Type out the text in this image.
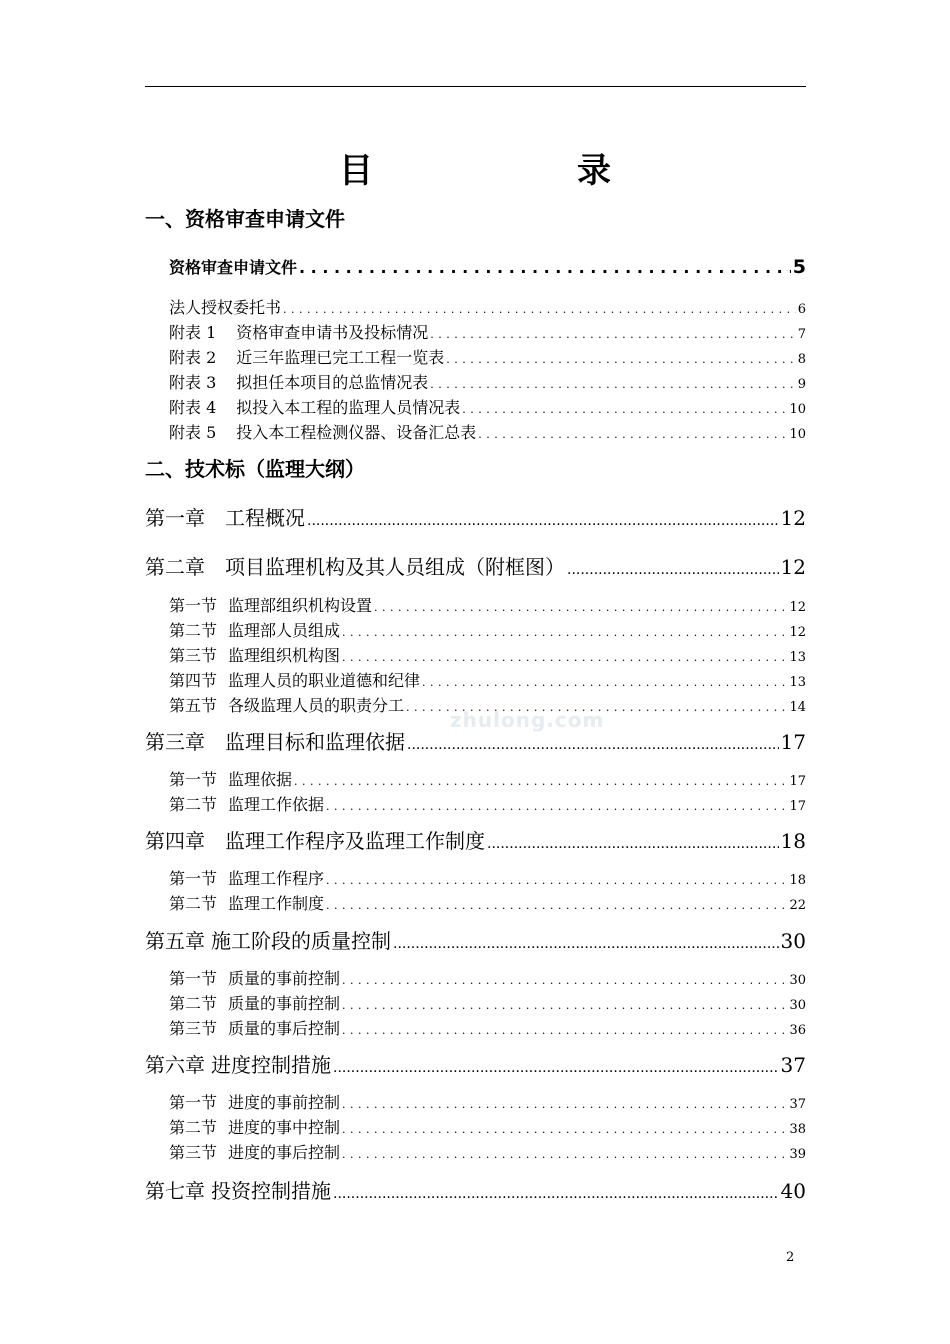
zhulong.com
目　录
一、资格审查申请文件
资格审查申请文件 . . .	5
法人授权委托书 . . .	6
附表 1 资格审查申请书及投标情况 . . .	7
附表 2 近三年监理已完工工程一览表 . . .	8
附表 3 拟担任本项目的总监情况表 . . .	9
附表 4 拟投入本工程的监理人员情况表 . . .	10
附表 5 投入本工程检测仪器、设备汇总表 . . .	10
二、技术标（监理大纲）
第一章 工程概况 .....	12
第二章 项目监理机构及其人员组成（附框图） .....	12
第一节 监理部组织机构设置 . . .	12
第二节 监理部人员组成 . . .	12
第三节 监理组织机构图 . . .	13
第四节 监理人员的职业道德和纪律 . . .	13
第五节 各级监理人员的职责分工 . . .	14
第三章 监理目标和监理依据 .....	17
第一节 监理依据 . . .	17
第二节 监理工作依据 . . .	17
第四章 监理工作程序及监理工作制度 .....	18
第一节 监理工作程序 . . .	18
第二节 监理工作制度 . . .	22
第五章 施工阶段的质量控制 .....	30
第一节 质量的事前控制 . . .	30
第二节 质量的事前控制 . . .	30
第三节 质量的事后控制 . . .	36
第六章 进度控制措施 .....	37
第一节 进度的事前控制 . . .	37
第二节 进度的事中控制 . . .	38
第三节 进度的事后控制 . . .	39
第七章 投资控制措施 .....	40
2
